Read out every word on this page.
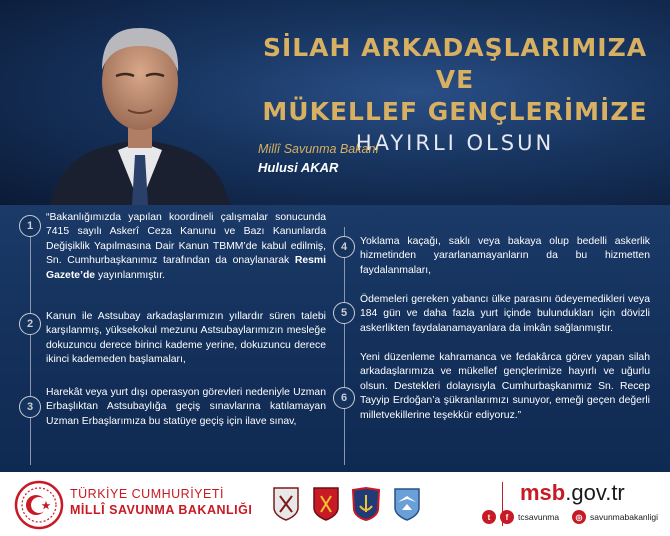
SİLAH ARKADAŞLARIMIZA VE
MÜKELLEF GENÇLERİMİZE
HAYIRLI OLSUN
Millî Savunma Bakanı
Hulusi AKAR
1
“Bakanlığımızda yapılan koordineli çalışmalar sonucunda 7415 sayılı Askerî Ceza Kanunu ve Bazı Kanunlarda Değişiklik Yapılmasına Dair Kanun TBMM’de kabul edilmiş, Sn. Cumhurbaşkanımız tarafından da onaylanarak Resmi Gazete’de yayınlanmıştır.
2
Kanun ile Astsubay arkadaşlarımızın yıllardır süren talebi karşılanmış, yüksekokul mezunu Astsubaylarımızın mesleğe dokuzuncu derece birinci kademe yerine, dokuzuncu derece ikinci kademeden başlamaları,
3
Harekât veya yurt dışı operasyon görevleri nedeniyle Uzman Erbaşlıktan Astsubaylığa geçiş sınavlarına katılamayan Uzman Erbaşlarımıza bu statüye geçiş için ilave sınav,
4	Yoklama kaçağı, saklı veya bakaya olup bedelli askerlik hizmetinden yararlanamayanların da bu hizmetten faydalanmaları,
5
Ödemeleri gereken yabancı ülke parasını ödeyemedikleri veya 184 gün ve daha fazla yurt içinde bulundukları için dövizli askerlikten faydalanamayanlara da imkân sağlanmıştır.
6
Yeni düzenleme kahramanca ve fedakârca görev yapan silah arkadaşlarımıza ve mükellef gençlerimize hayırlı ve uğurlu olsun. Destekleri dolayısıyla Cumhurbaşkanımız Sn. Recep Tayyip Erdoğan’a şükranlarımızı sunuyor, emeği geçen değerli milletvekillerine teşekkür ediyoruz.”
TÜRKİYE CUMHURİYETİ
MİLLÎ SAVUNMA BAKANLIĞI
msb.gov.tr
t	f	tcsavunma	◎ savunmabakanligi
